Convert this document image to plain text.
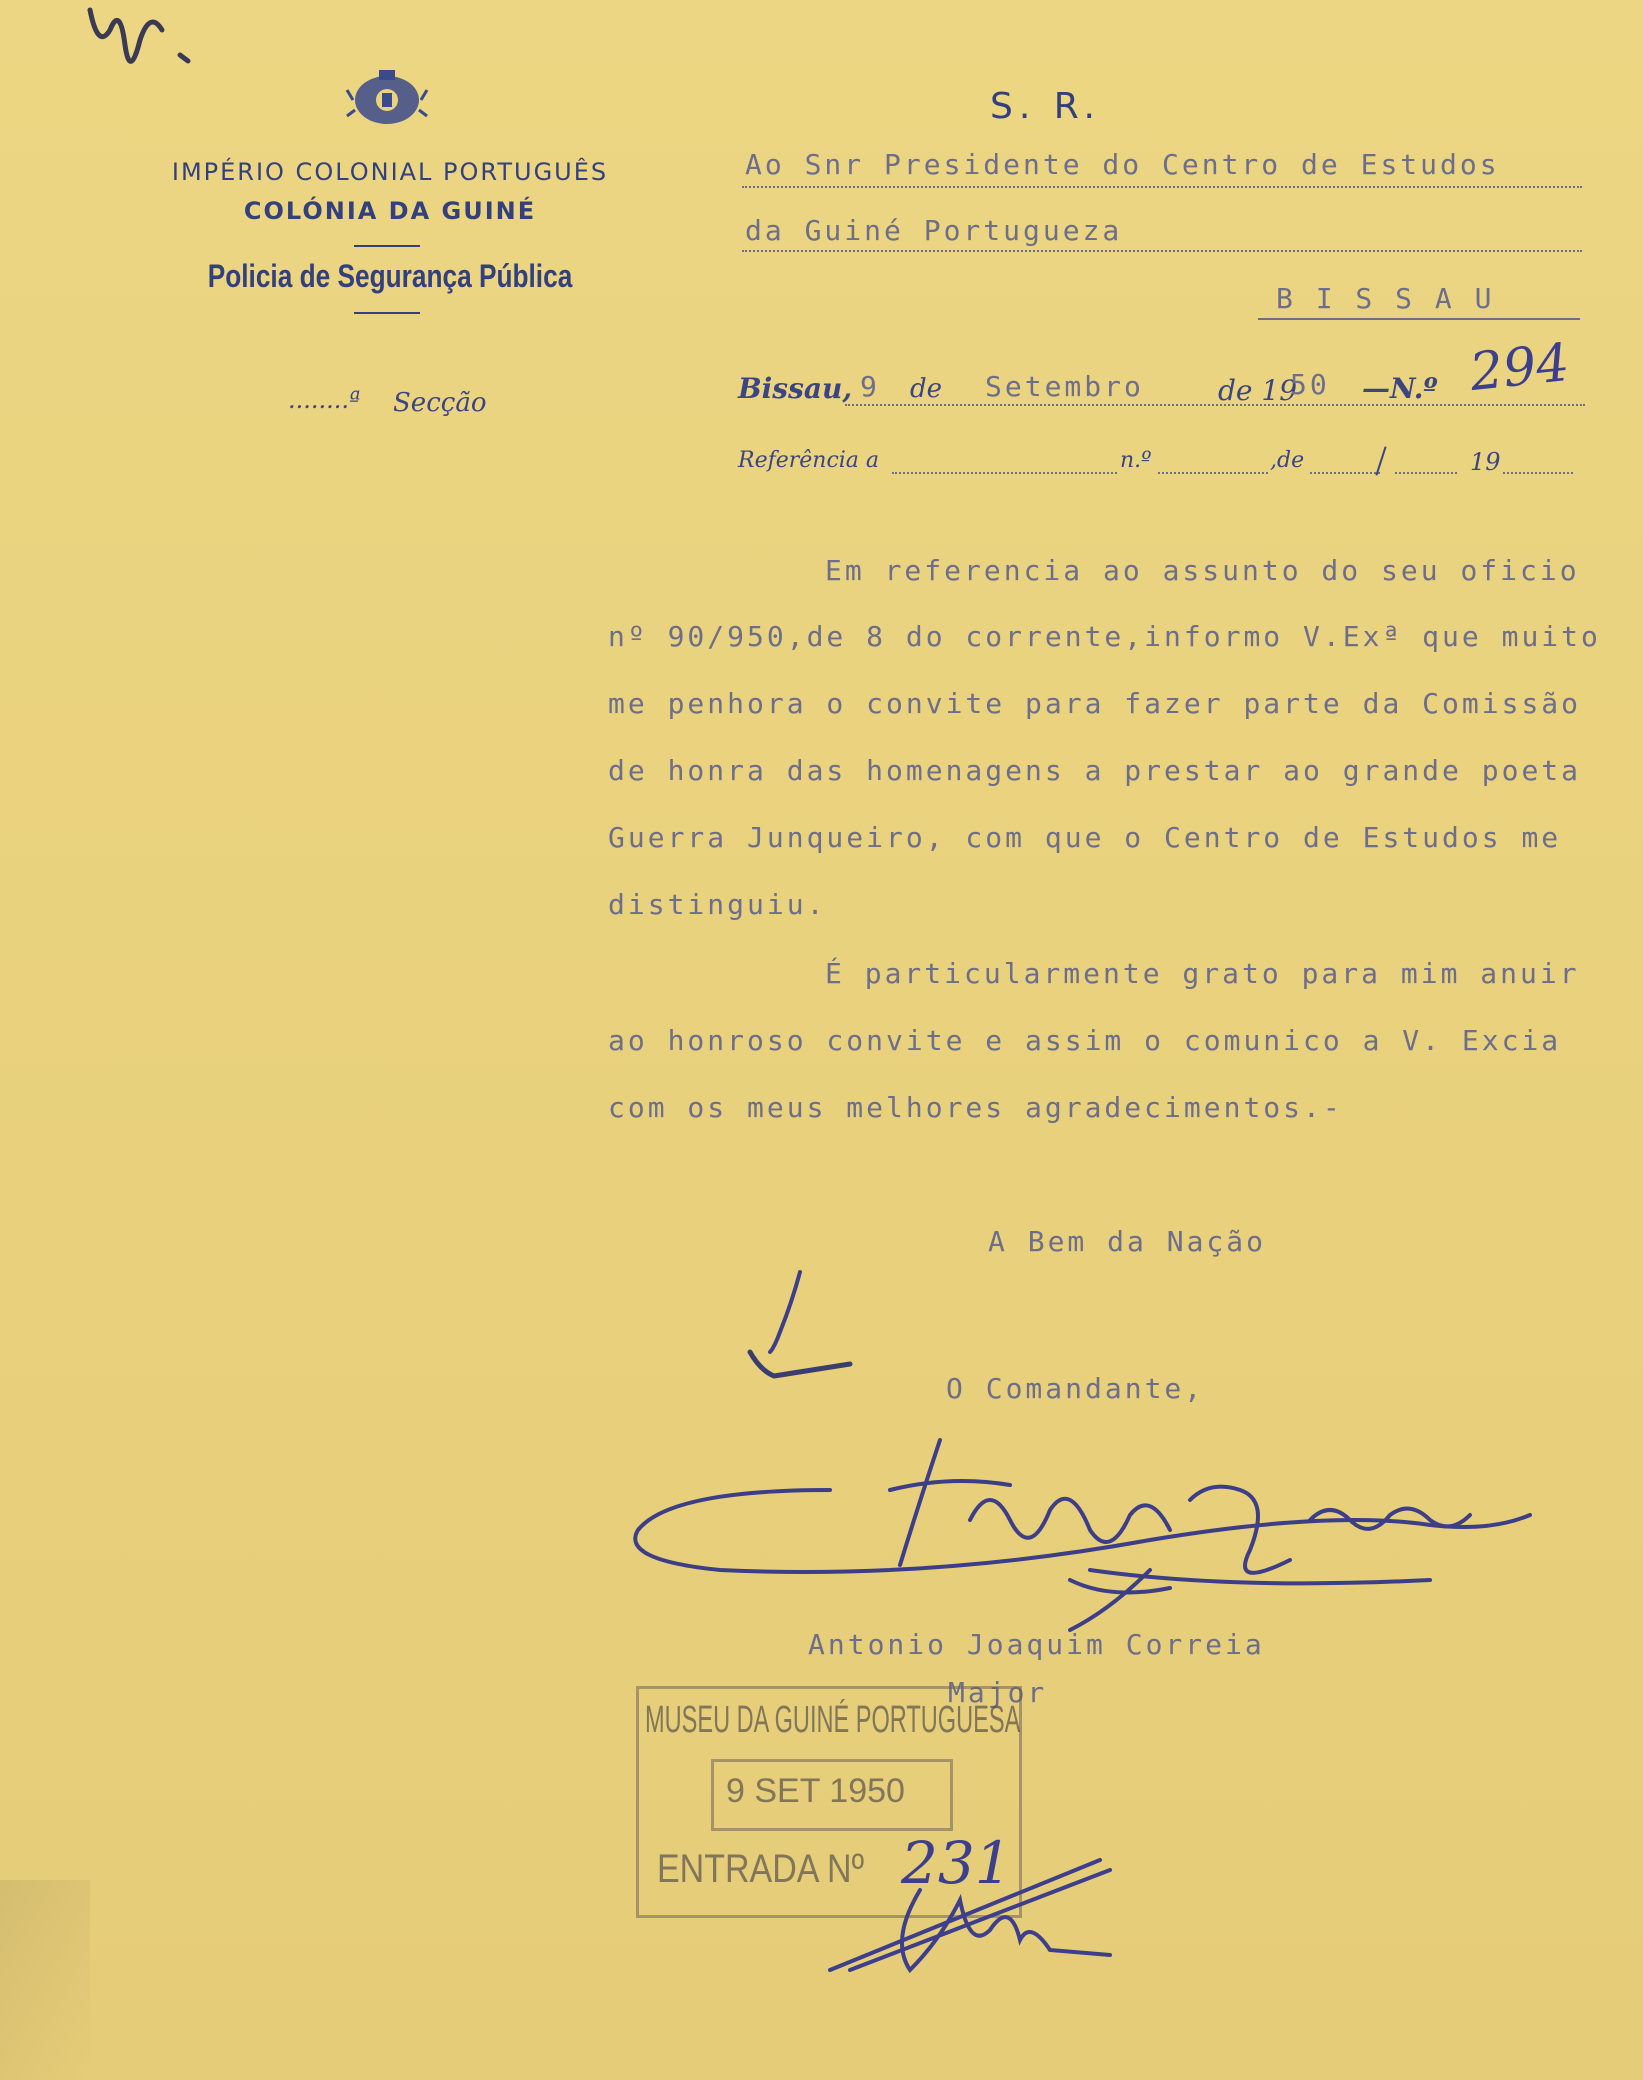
IMPÉRIO COLONIAL PORTUGUÊS
COLÓNIA DA GUINÉ
Policia de Segurança Pública
........ª Secção
S. R.
Ao Snr Presidente do Centro de Estudos
da Guiné Portugueza
B I S S A U
Bissau, 9 de Setembro	de 19
50 —N.º 294
Referência a	n.º	,de	19
Em referencia ao assunto do seu oficio
nº 90/950,de 8 do corrente,informo V.Exª que muito
me penhora o convite para fazer parte da Comissão
de honra das homenagens a prestar ao grande poeta
Guerra Junqueiro, com que o Centro de Estudos me
distinguiu.
É particularmente grato para mim anuir
ao honroso convite e assim o comunico a V. Excia
com os meus melhores agradecimentos.-
A Bem da Nação
O Comandante,
Antonio Joaquim Correia
Major
MUSEU DA GUINÉ PORTUGUESA
9 SET 1950
ENTRADA Nº 231
